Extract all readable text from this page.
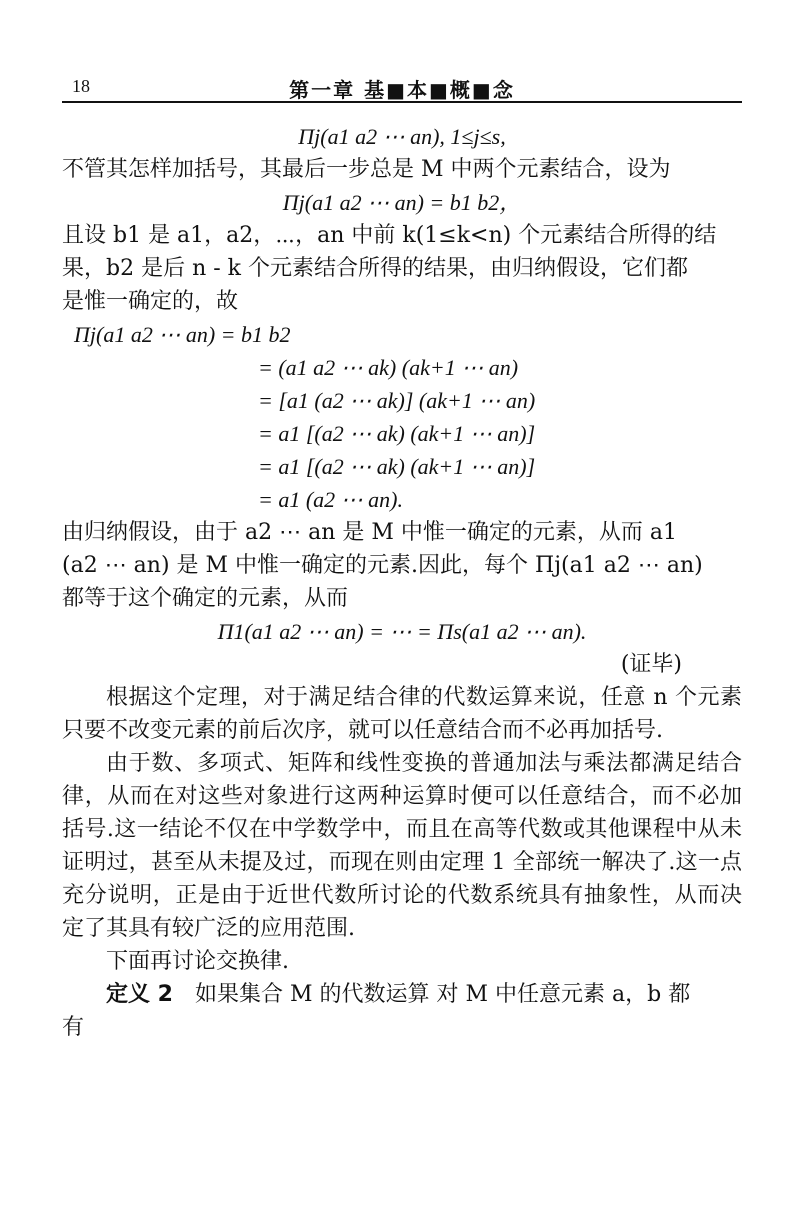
18	第一章 基■本■概■念

Πj(a1 a2 ⋯ an), 1≤j≤s,

不管其怎样加括号，其最后一步总是 M 中两个元素结合，设为

Πj(a1 a2 ⋯ an) = b1 b2，

且设 b1 是 a1，a2，⋯，an 中前 k(1≤k<n) 个元素结合所得的结

果，b2 是后 n - k 个元素结合所得的结果，由归纳假设，它们都

是惟一确定的，故

Πj(a1 a2 ⋯ an) = b1 b2

= (a1 a2 ⋯ ak) (ak+1 ⋯ an)

= [a1 (a2 ⋯ ak)] (ak+1 ⋯ an)

= a1 [(a2 ⋯ ak) (ak+1 ⋯ an)]

= a1 [(a2 ⋯ ak) (ak+1 ⋯ an)]

= a1 (a2 ⋯ an).

由归纳假设，由于 a2 ⋯ an 是 M 中惟一确定的元素，从而 a1

(a2 ⋯ an) 是 M 中惟一确定的元素.因此，每个 Πj(a1 a2 ⋯ an)

都等于这个确定的元素，从而

Π1(a1 a2 ⋯ an) = ⋯ = Πs(a1 a2 ⋯ an).

(证毕)

根据这个定理，对于满足结合律的代数运算来说，任意 n 个元素只要不改变元素的前后次序，就可以任意结合而不必再加括号.

由于数、多项式、矩阵和线性变换的普通加法与乘法都满足结合律，从而在对这些对象进行这两种运算时便可以任意结合，而不必加括号.这一结论不仅在中学数学中，而且在高等代数或其他课程中从未证明过，甚至从未提及过，而现在则由定理 1 全部统一解决了.这一点充分说明，正是由于近世代数所讨论的代数系统具有抽象性，从而决定了其具有较广泛的应用范围.

下面再讨论交换律.

定义 2　 如果集合 M 的代数运算 对 M 中任意元素 a，b 都

有
